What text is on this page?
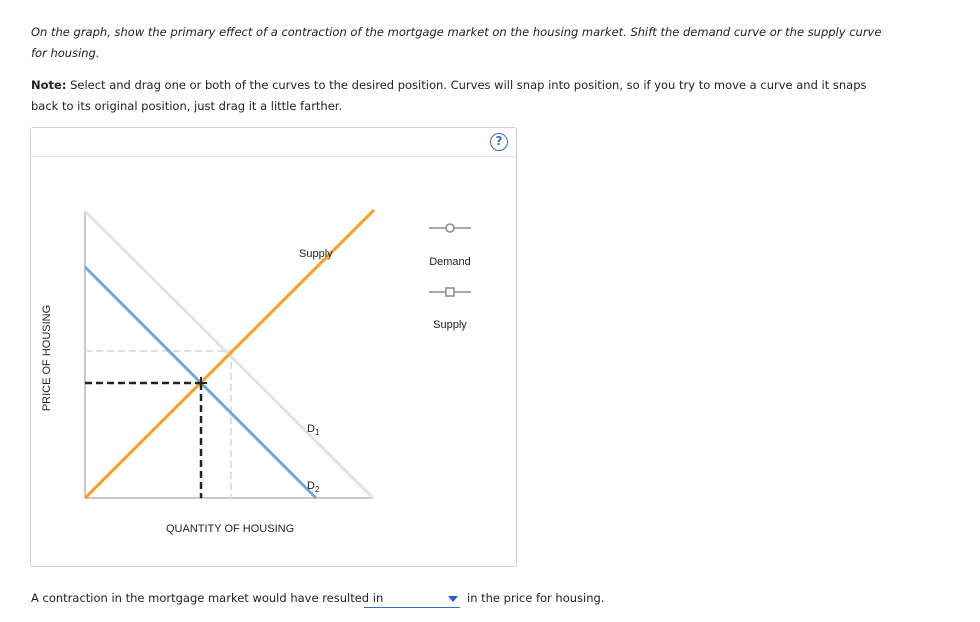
On the graph, show the primary effect of a contraction of the mortgage market on the housing market. Shift the demand curve or the supply curve for housing.

Note: Select and drag one or both of the curves to the desired position. Curves will snap into position, so if you try to move a curve and it snaps back to its original position, just drag it a little farther.

?
Supply
$D_1$
$D_2$
QUANTITY OF HOUSING
PRICE OF HOUSING
Demand
Supply
A contraction in the mortgage market would have resulted in	in the price for housing.
